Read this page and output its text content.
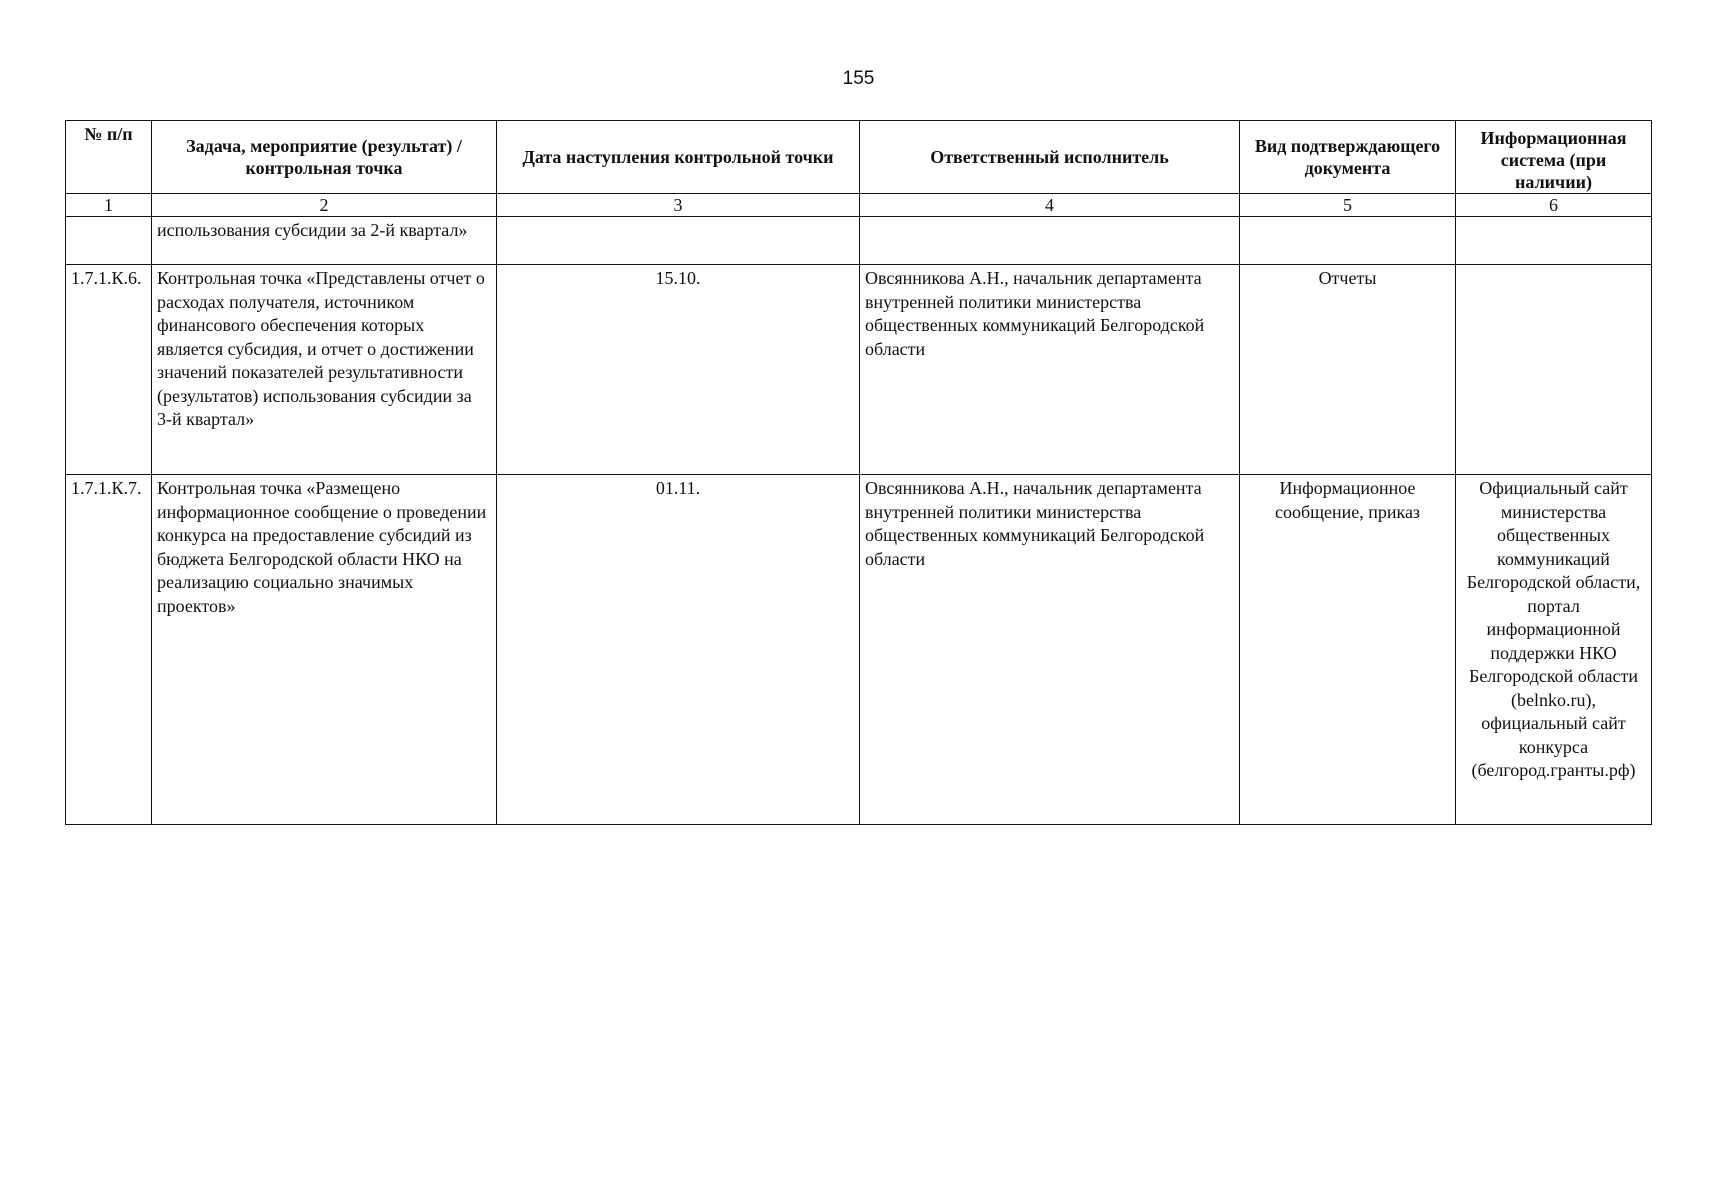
155
№ п/п	Задача, мероприятие (результат) / контрольная точка	Дата наступления контрольной точки	Ответственный исполнитель	Вид подтверждающего документа	Информационная система (при наличии)
1	2	3	4	5	6
	использования субсидии за 2-й квартал»				
1.7.1.К.6.	Контрольная точка «Представлены отчет о расходах получателя, источником финансового обеспечения которых является субсидия, и отчет о достижении значений показателей результативности (результатов) использования субсидии за 3-й квартал»	15.10.	Овсянникова А.Н., начальник департамента внутренней политики министерства общественных коммуникаций Белгородской области	Отчеты	
1.7.1.К.7.	Контрольная точка «Размещено информационное сообщение о проведении конкурса на предоставление субсидий из бюджета Белгородской области НКО на реализацию социально значимых проектов»	01.11.	Овсянникова А.Н., начальник департамента внутренней политики министерства общественных коммуникаций Белгородской области	Информационное сообщение, приказ	Официальный сайт министерства общественных коммуникаций Белгородской области, портал информационной поддержки НКО Белгородской области (belnko.ru), официальный сайт конкурса (белгород.гранты.рф)
